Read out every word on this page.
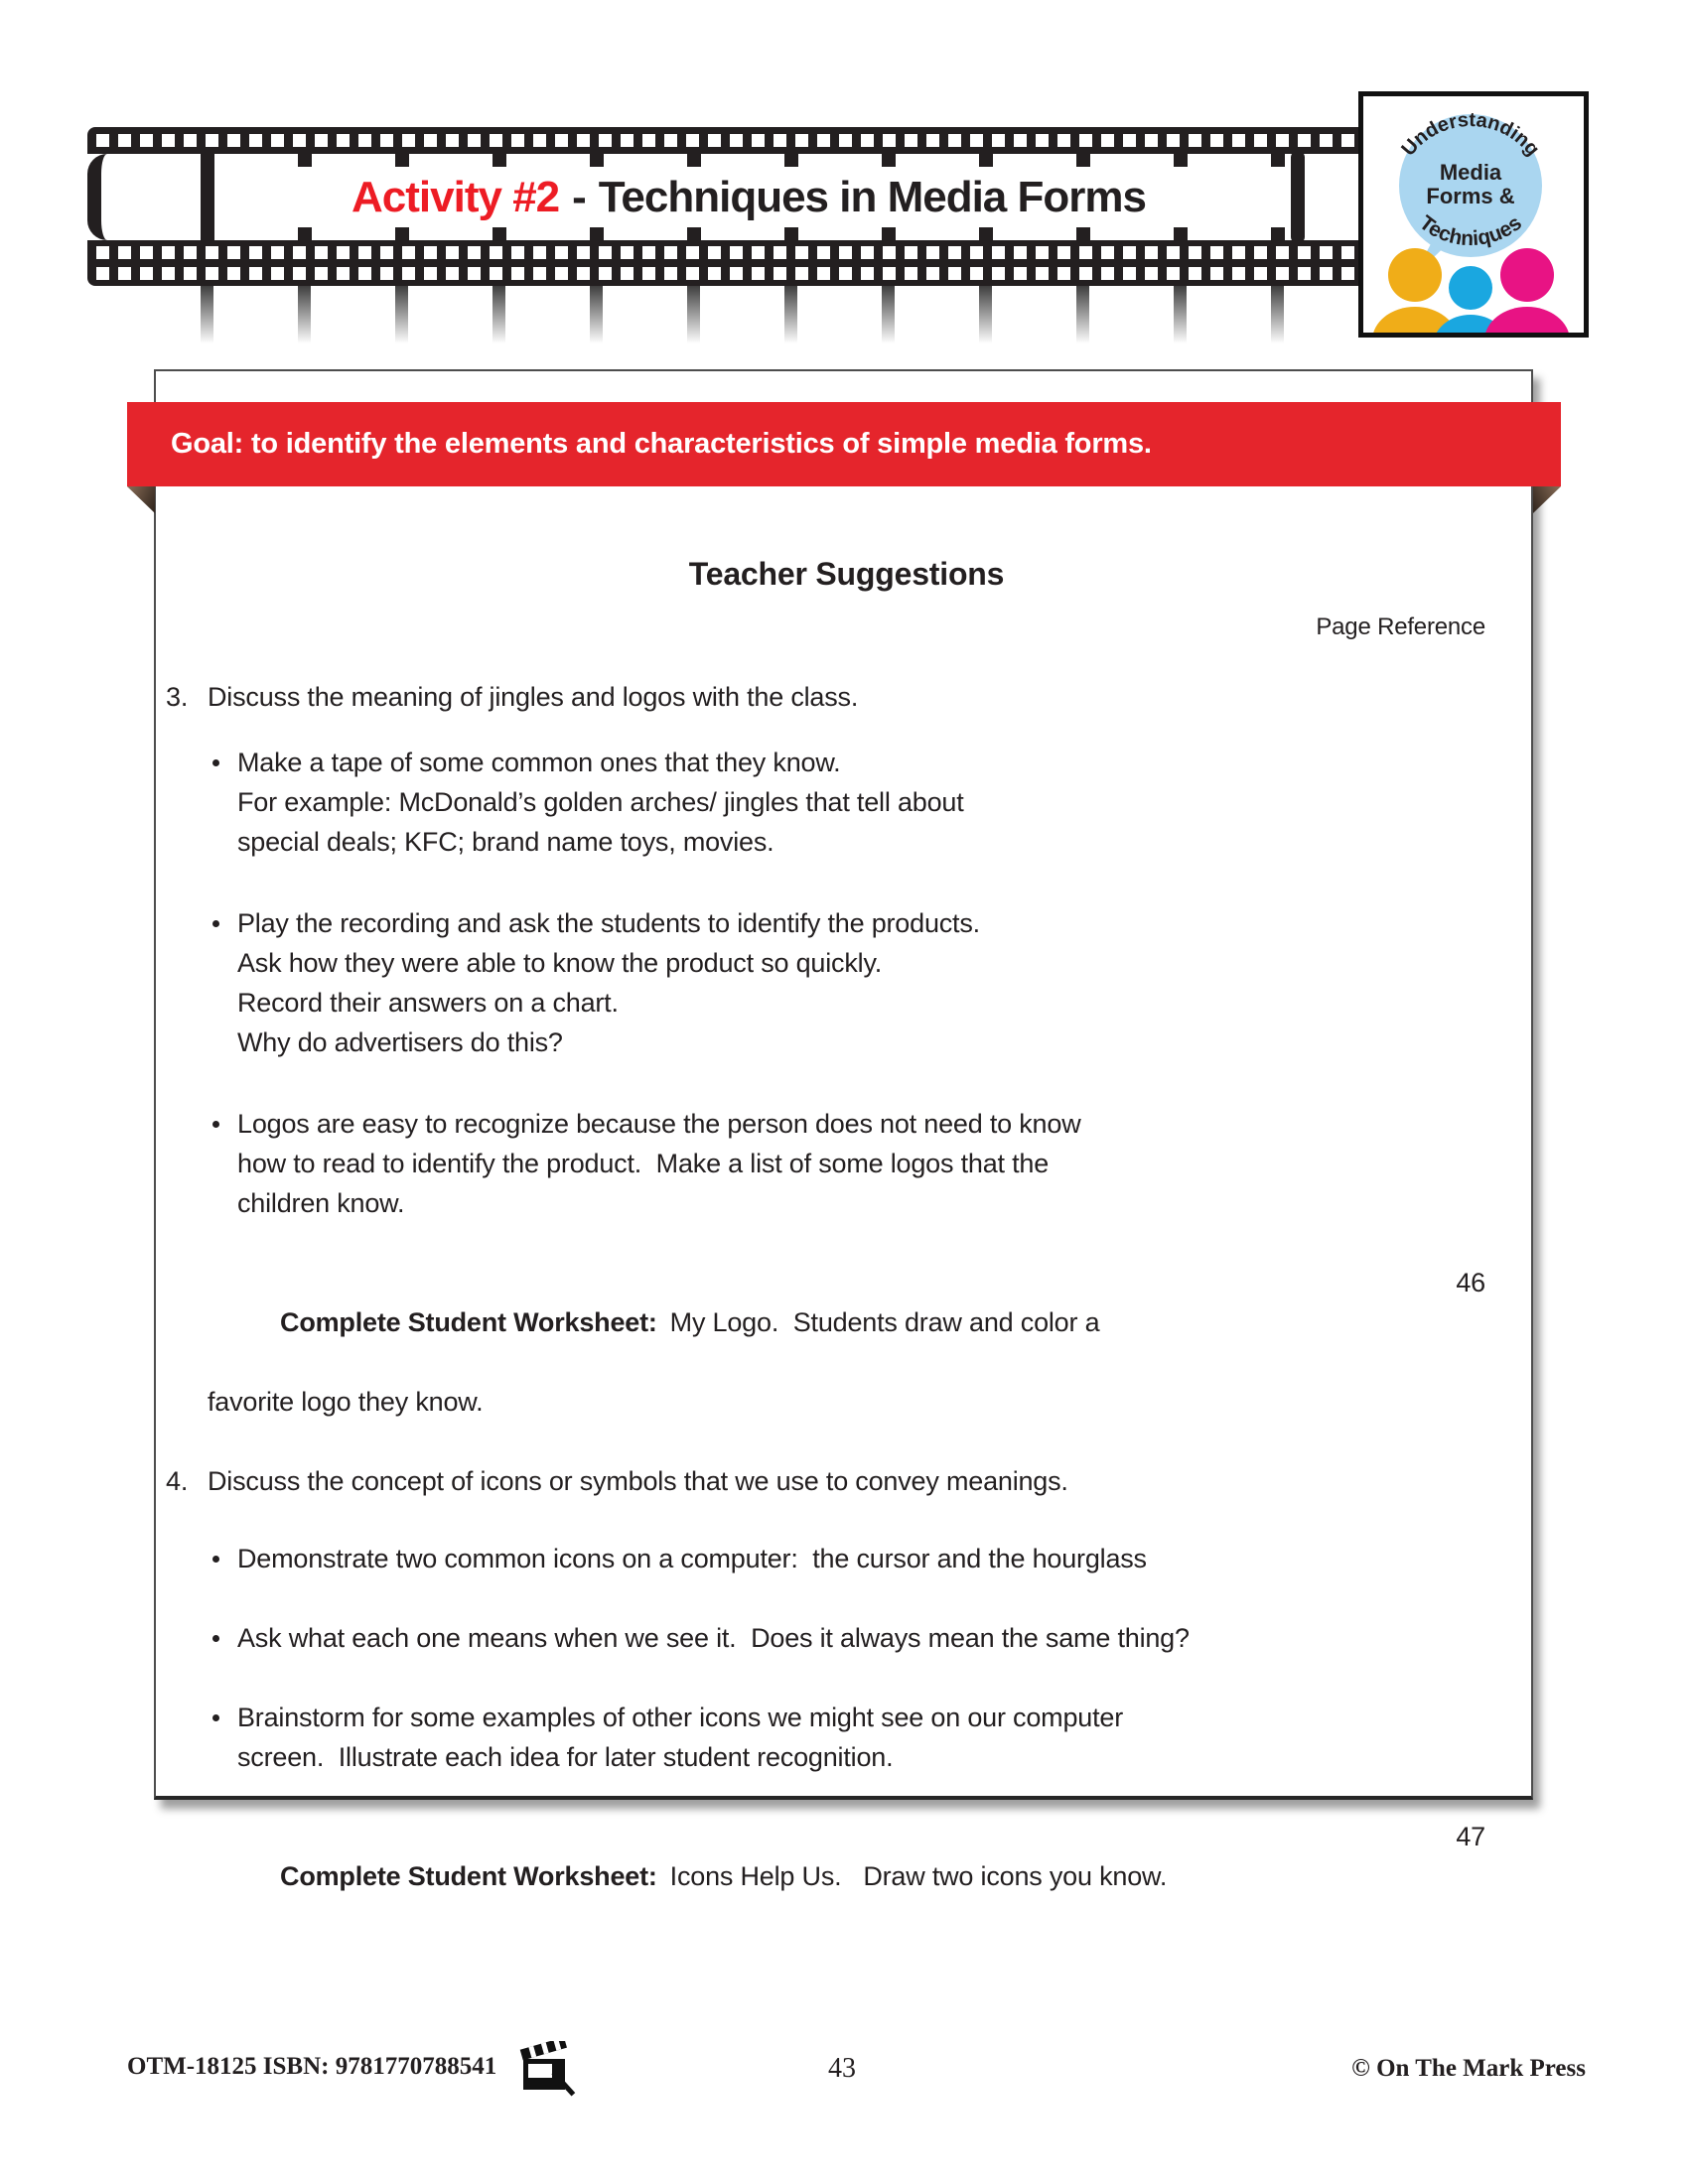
Activity #2 - Techniques in Media Forms
Understanding
Media
Forms &
Techniques
Goal: to identify the elements and characteristics of simple media forms.
Teacher Suggestions
Page Reference
3. Discuss the meaning of jingles and logos with the class.
Make a tape of some common ones that they know.
For example: McDonald’s golden arches/ jingles that tell about
special deals; KFC; brand name toys, movies.
Play the recording and ask the students to identify the products.
Ask how they were able to know the product so quickly.
Record their answers on a chart.
Why do advertisers do this?
Logos are easy to recognize because the person does not need to know
how to read to identify the product.  Make a list of some logos that the
children know.

Complete Student Worksheet: My Logo.  Students draw and color a

favorite logo they know.
46
4. Discuss the concept of icons or symbols that we use to convey meanings.
Demonstrate two common icons on a computer:  the cursor and the hourglass
Ask what each one means when we see it.  Does it always mean the same thing?
Brainstorm for some examples of other icons we might see on our computer
screen.  Illustrate each idea for later student recognition.

Complete Student Worksheet: Icons Help Us.   Draw two icons you know.

47
OTM-18125 ISBN: 9781770788541	43	© On The Mark Press
